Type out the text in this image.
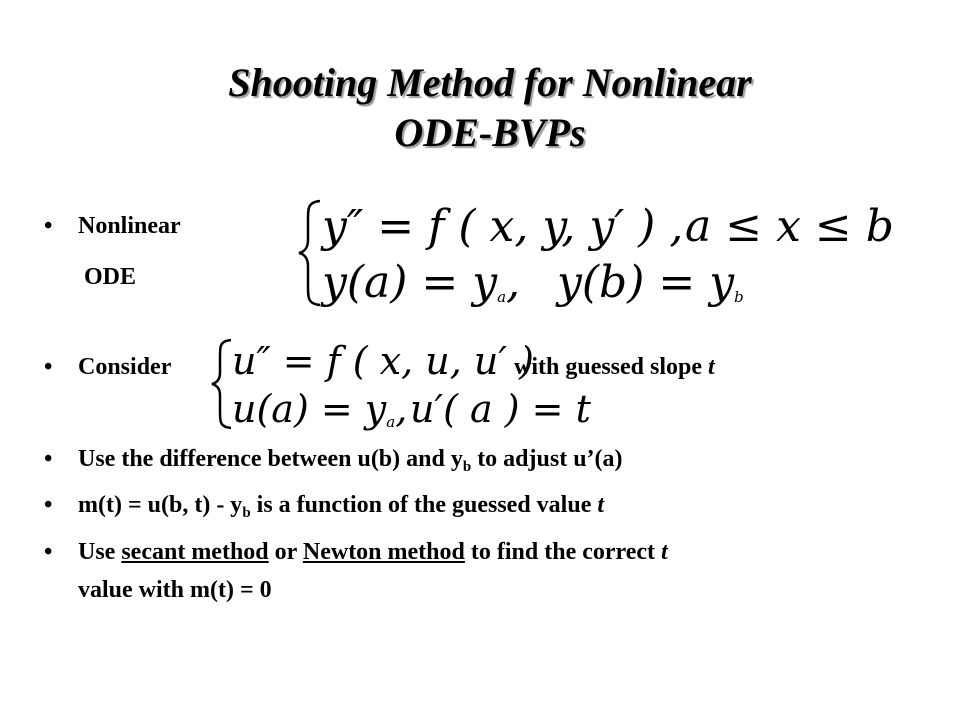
Shooting Method for Nonlinear
ODE-BVPs
• Nonlinear
ODE
y″ = f ( x, y, y′ ) , a ≤ x ≤ b
$y(a) = y_a$, $y(b) = y_b$
• Consider u″ = f ( x, u, u′ )
$u(a) = y_a$, u′( a ) = t
with guessed slope t
• Use the difference between u(b) and $y_b$ to adjust u’(a)
• m(t) = u(b, $t) - y_b$ is a function of the guessed value t
• Use secant method or Newton method to find the correct t
value with m(t) = 0
